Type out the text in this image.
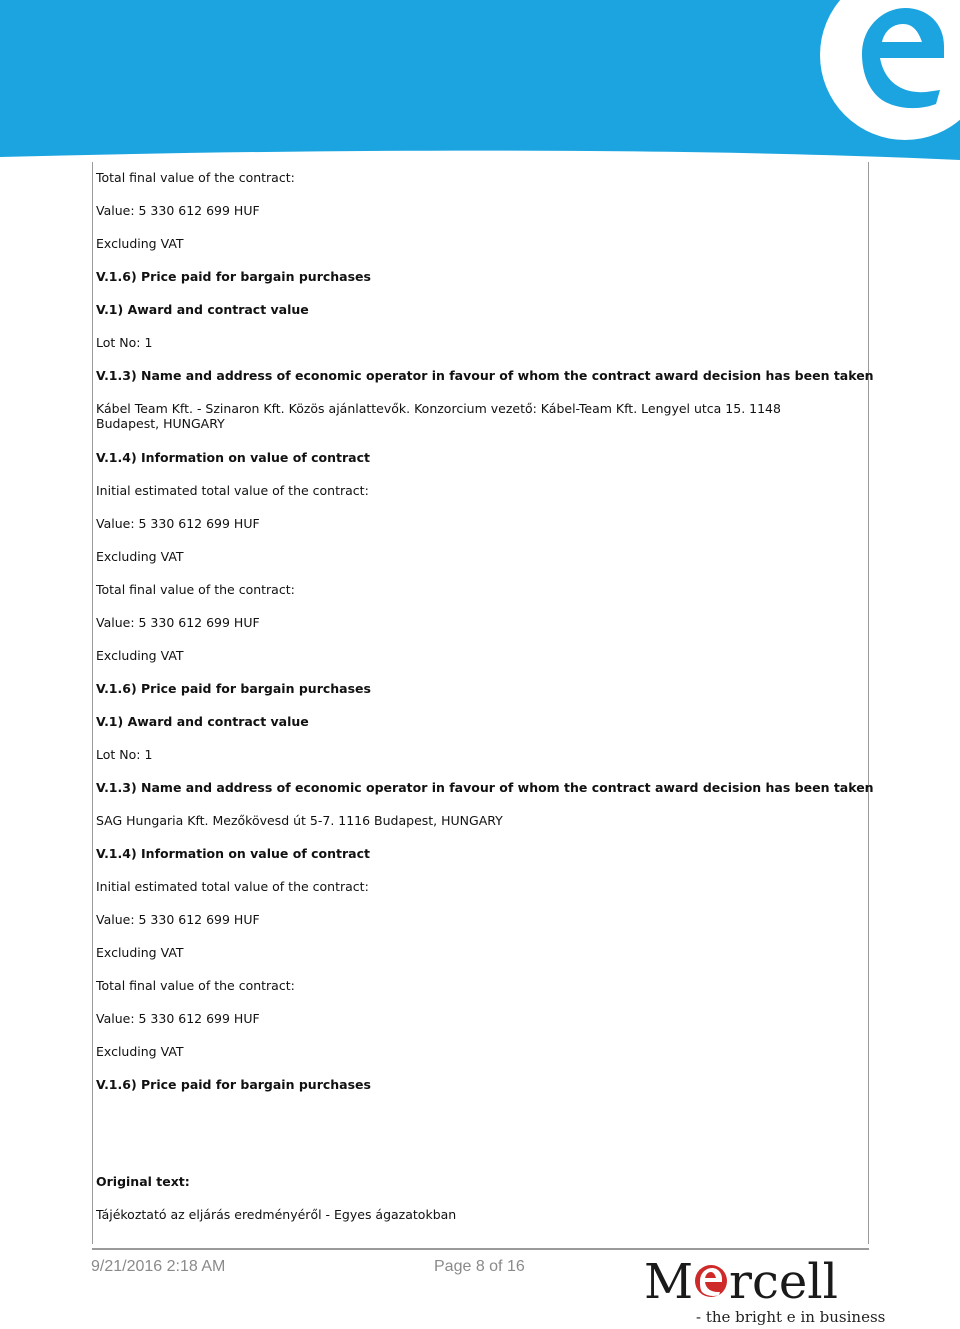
Total final value of the contract:
Value: 5 330 612 699 HUF
Excluding VAT
V.1.6) Price paid for bargain purchases
V.1) Award and contract value
Lot No: 1
V.1.3) Name and address of economic operator in favour of whom the contract award decision has been taken
Kábel Team Kft. - Szinaron Kft. Közös ajánlattevők. Konzorcium vezető: Kábel-Team Kft. Lengyel utca 15. 1148 Budapest, HUNGARY
V.1.4) Information on value of contract
Initial estimated total value of the contract:
Value: 5 330 612 699 HUF
Excluding VAT
Total final value of the contract:
Value: 5 330 612 699 HUF
Excluding VAT
V.1.6) Price paid for bargain purchases
V.1) Award and contract value
Lot No: 1
V.1.3) Name and address of economic operator in favour of whom the contract award decision has been taken
SAG Hungaria Kft. Mezőkövesd út 5-7. 1116 Budapest, HUNGARY
V.1.4) Information on value of contract
Initial estimated total value of the contract:
Value: 5 330 612 699 HUF
Excluding VAT
Total final value of the contract:
Value: 5 330 612 699 HUF
Excluding VAT
V.1.6) Price paid for bargain purchases
Original text:
Tájékoztató az eljárás eredményéről - Egyes ágazatokban
9/21/2016 2:18 AM	Page 8 of 16 M rcell
- the bright e in business
